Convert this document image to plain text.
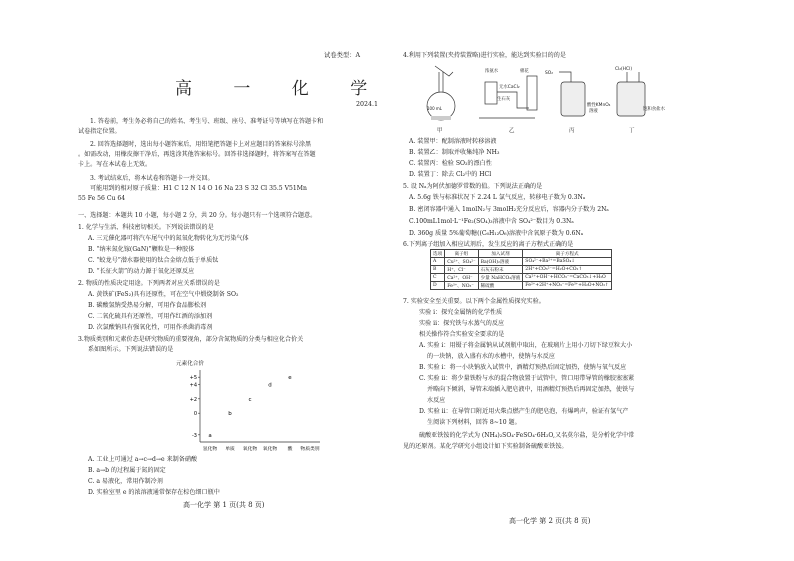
试卷类型：A
高 一 化 学
2024.1
1. 答卷前，考生务必将自己的姓名、考生号、班级、座号、准考证号等填写在答题卡和
试卷指定位置。
2. 回答选择题时，选出每小题答案后，用铅笔把答题卡上对应题目的答案标号涂黑
。如需改动，用橡皮擦干净后，再选涂其他答案标号。回答非选择题时，将答案写在答题
卡上。写在本试卷上无效。
3. 考试结束后，将本试卷和答题卡一并交回。
可能用到的相对原子质量：H1 C 12 N 14 O 16 Na 23 S 32 Cl 35.5 V51Mn
55 Fe 56 Cu 64
一、选择题：本题共 10 小题，每小题 2 分，共 20 分。每小题只有一个选项符合题意。
1. 化学与生活、科技密切相关。下列说法错误的是
A. 三元催化器可将汽车尾气中的氮氧化物转化为无污染气体
B. “纳米氮化镓(GaN)”颗粒是一种胶体
C. “蛟龙号”潜水器使用的钛合金熔点低于单质钛
D. “长征火箭”的动力源于氧化还原反应
2. 物质的性质决定用途。下列两者对应关系错误的是
A. 黄铁矿(FeS₂)具有还原性，可在空气中煅烧制备 SO₂
B. 碳酸氢钠受热易分解，可用作食品膨松剂
C. 二氧化硫具有还原性，可用作红酒的添加剂
D. 次氯酸钠具有强氧化性，可用作杀菌消毒剂
3.物质类别和元素价态是研究物质的重要视角，部分含氮物质的分类与相应化合价关
系如图所示。下列说法错误的是
元素化合价
+5
+4
+2
0
-3
氢化物 单质 氧化物 氧化物 酸 物质类别
a
b
c
d
e
A. 工业上可通过 a→c→d→e 来制备硝酸
B. a→b 的过程属于氮的固定
C. a 易液化，常用作制冷剂
D. 实验室里 e 的浓溶液通常保存在棕色细口瓶中
高一化学 第 1 页(共 8 页)
4.利用下列装置(夹持装置略)进行实验，能达到实验目的的是
100 mL
浓氨水	棉花
无水CaCl₂
生石灰
SO₂
酸性KMnO₄
溶液
Cl₂(HCl)
饱和食盐水
甲	乙	丙	丁
A. 装置甲：配制溶液时转移溶液
B. 装置乙：制取并收集纯净 NH₃
C. 装置丙：检验 SO₂的漂白性
D. 装置丁：除去 Cl₂中的 HCl
5. 设 Nₐ为阿伏加德罗常数的值。下列说法正确的是
A. 5.6g 铁与标准状况下 2.24 L 氯气反应，转移电子数为 0.3Nₐ
B. 密闭容器中通入 1molN₂与 3molH₂充分反应后，容器内分子数为 2Nₐ
C.100mL1mol·L⁻¹Fe₂(SO₄)₃溶液中含 SO₄²⁻数目为 0.3Nₐ
D. 360g 质量 5%葡萄糖((C₆H₁₂O₆)溶液中含氧原子数为 0.6Nₐ
6.下列离子组加入相应试剂后，发生反应的离子方程式正确的是
高一化学 第 2 页(共 8 页)
选项	离子组	加入试剂	离子方程式
A	Cu²⁺、SO₄²⁻	Ba(OH)₂溶液	SO₄²⁻+Ba²⁺=BaSO₄↓
B	H⁺、Cl⁻	石灰石粉末	2H⁺+CO₃²⁻=H₂O+CO₂↑
C	Ca²⁺、OH⁻	少量 NaHCO₃溶液	Ca²⁺+OH⁻+HCO₃⁻=CaCO₃↓+H₂O
D	Fe³⁺、NO₃⁻	稀硫酸	Fe²⁺+2H⁺+NO₃⁻=Fe³⁺+H₂O+NO₂↑
7. 实验安全至关重要。以下两个金属性质探究实验。
实验 i：探究金属钠的化学性质
实验 ii：探究铁与水蒸气的反应
相关操作符合实验安全要求的是
A. 实验 i：用镊子将金属钠从试剂瓶中取出，在玻璃片上用小刀切下绿豆粒大小
的一块钠，放入盛有水的水槽中，使钠与水反应
B. 实验 i：将一小块钠放入试管中，酒精灯预热后固定加热，使钠与氧气反应
C. 实验 ii：将少量铁粉与水的混合物放置于试管中，管口用带导管的橡胶塞塞紧
并略向下倾斜，导管末端插入肥皂液中，用酒精灯预热后再固定加热，使铁与
水反应
D. 实验 ii：在导管口附近用火柴点燃产生的肥皂泡，有爆鸣声，验证有氢气产
生阅读下列材料，回答 8~10 题。
硫酸亚铁铵的化学式为 (NH₄)₂SO₄·FeSO₄·6H₂O,又名莫尔盐，是分析化学中常
见的还原剂。某化学研究小组设计如下实验制备硫酸亚铁铵。
